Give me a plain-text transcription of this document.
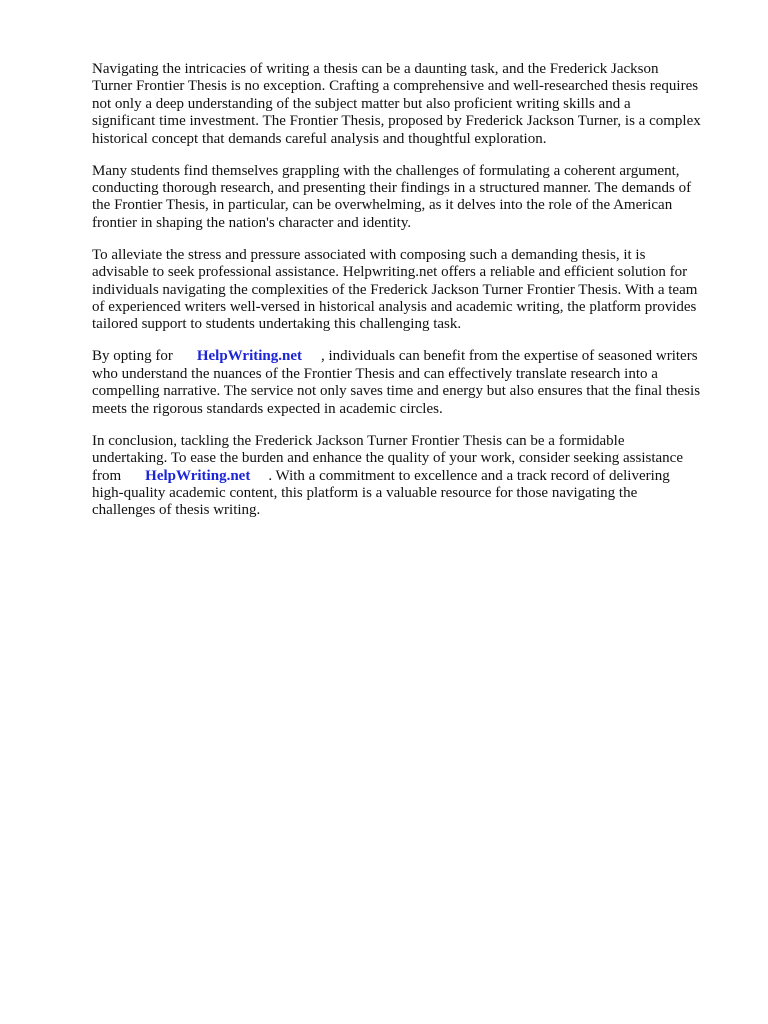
Navigating the intricacies of writing a thesis can be a daunting task, and the Frederick Jackson
Turner Frontier Thesis is no exception. Crafting a comprehensive and well-researched thesis requires
not only a deep understanding of the subject matter but also proficient writing skills and a
significant time investment. The Frontier Thesis, proposed by Frederick Jackson Turner, is a complex
historical concept that demands careful analysis and thoughtful exploration.

Many students find themselves grappling with the challenges of formulating a coherent argument,
conducting thorough research, and presenting their findings in a structured manner. The demands of
the Frontier Thesis, in particular, can be overwhelming, as it delves into the role of the American
frontier in shaping the nation's character and identity.

To alleviate the stress and pressure associated with composing such a demanding thesis, it is
advisable to seek professional assistance. Helpwriting.net offers a reliable and efficient solution for
individuals navigating the complexities of the Frederick Jackson Turner Frontier Thesis. With a team
of experienced writers well-versed in historical analysis and academic writing, the platform provides
tailored support to students undertaking this challenging task.

By opting for HelpWriting.net , individuals can benefit from the expertise of seasoned writers
who understand the nuances of the Frontier Thesis and can effectively translate research into a
compelling narrative. The service not only saves time and energy but also ensures that the final thesis
meets the rigorous standards expected in academic circles.

In conclusion, tackling the Frederick Jackson Turner Frontier Thesis can be a formidable
undertaking. To ease the burden and enhance the quality of your work, consider seeking assistance
from HelpWriting.net . With a commitment to excellence and a track record of delivering
high-quality academic content, this platform is a valuable resource for those navigating the
challenges of thesis writing.
